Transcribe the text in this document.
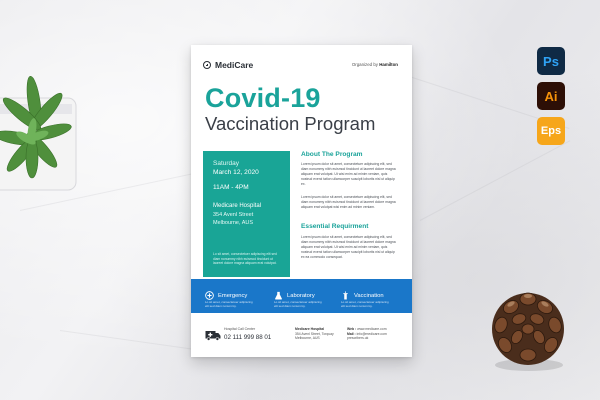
MediCare	Organized by Hamilton
Covid-19
Vaccination Program
Saturday
March 12, 2020
11AM - 4PM
Medicare Hospital
354 Avenl Street
Melbourne, AUS
Lo sit amet, consectetuer adipiscing elit sed diam nonummy nibh euismod tincidunt ut laoreet dolore magna aliquam erat volutpat.
About The Program
Lorem ipsum dolor sit amet, consectetuer adipiscing elit, sed diam nonummy nibh euismod tincidunt ut laoreet dolore magna aliquam erat volutpat. Ut wisi enim ad minim veniam, quis nostrud exerci tation ullamcorper suscipit lobortis nisl ut aliquip ex.
Lorem ipsum dolor sit amet, consectetuer adipiscing elit, sed diam nonummy nibh euismod tincidunt ut laoreet dolore magna aliquam erat volutpat wisi enim ad minim veniam.
Essential Requirment
Lorem ipsum dolor sit amet, consectetuer adipiscing elit, sed diam nonummy nibh euismod tincidunt ut laoreet dolore magna aliquam erat volutpat. Ut wisi enim ad minim veniam, quis nostrud exerci tation ullamcorper suscipit lobortis nisl ut aliquip ex ea commodo consequat.
Emergency
Lo sit amet, consectetuer adipiscing elit sed diam nonummy.
Laboratory
Lo sit amet, consectetuer adipiscing elit sed diam nonummy.
Vaccination
Lo sit amet, consectetuer adipiscing elit sed diam nonummy.
Hospital Call Center
02 111 999 88 01
Medicare Hospital
354 Avenl Street, Torquay
Melbourne, AUS
Web : www.medicare.com
Mail : info@medicare.com
prescribers.uk
Ps
Ai
Eps
